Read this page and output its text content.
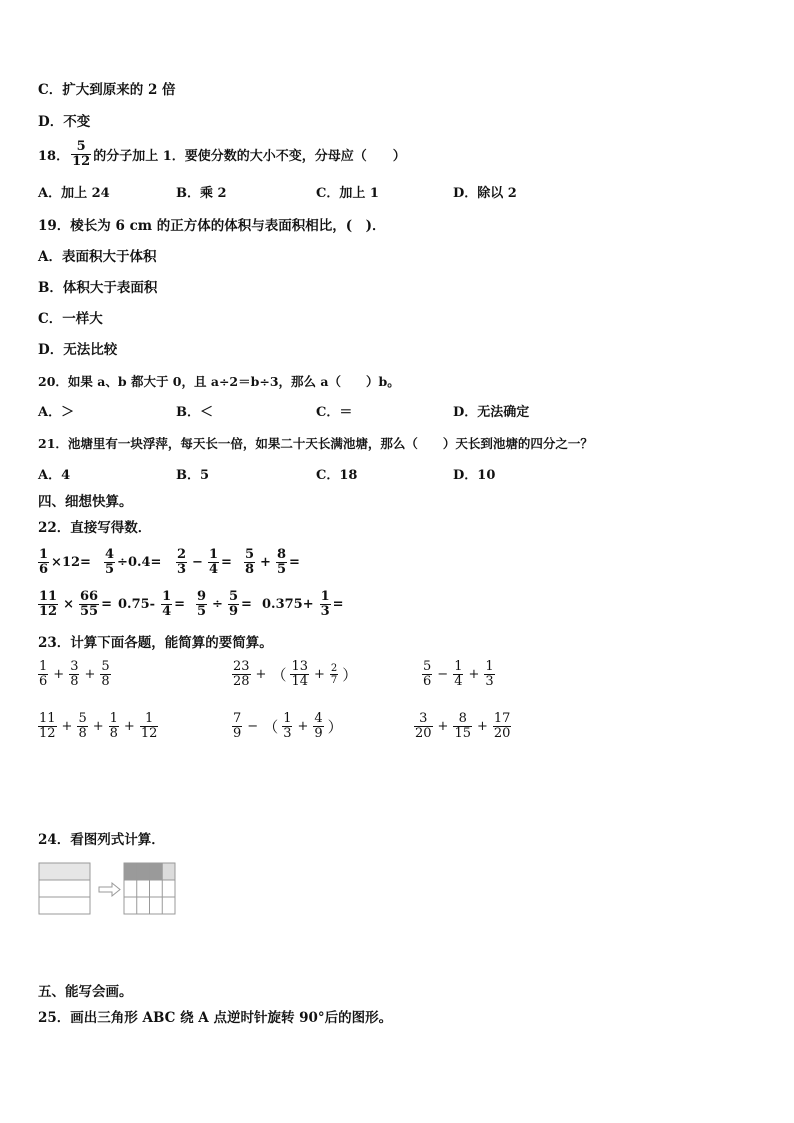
C．扩大到原来的 2 倍
D．不变
18． $\frac{5}{12}$ 的分子加上 1．要使分数的大小不变，分母应（　　）
A．加上 24	B．乘 2	C．加上 1	D．除以 2
19．棱长为 6 cm 的正方体的体积与表面积相比，(　)．
A．表面积大于体积
B．体积大于表面积
C．一样大
D．无法比较
20．如果 a、b 都大于 0，且 a÷2＝b÷3，那么 a（　　）b。
A．＞	B．＜	C．＝	D．无法确定
21．池塘里有一块浮萍，每天长一倍，如果二十天长满池塘，那么（　　）天长到池塘的四分之一？
A．4	B．5	C．18	D．10
四、细想快算。
22．直接写得数．
$\frac{1}{6} \times 12= \frac{4}{5} \div 0.4= \frac{2}{3} - \frac{1}{4} = \frac{5}{8} + \frac{8}{5}$ =
$\frac{11}{12} \times \frac{66}{55} = 0.75- \frac{1}{4} = \frac{9}{5} \div \frac{5}{9} = 0.375+ \frac{1}{3}$ =
23．计算下面各题，能简算的要简算。
$\frac{1}{6} + \frac{3}{8} + \frac{5}{8}$	$\frac{23}{28}$ + （ $\frac{13}{14} + \frac{2}{7}$ ）	$\frac{5}{6} - \frac{1}{4} + \frac{1}{3}$
$\frac{11}{12} + \frac{5}{8} + \frac{1}{8} + \frac{1}{12}$	$\frac{7}{9}$ − （ $\frac{1}{3} + \frac{4}{9}$ ）	$\frac{3}{20} + \frac{8}{15} + \frac{17}{20}$
24．看图列式计算．
五、能写会画。
25．画出三角形 ABC 绕 A 点逆时针旋转 90°后的图形。
